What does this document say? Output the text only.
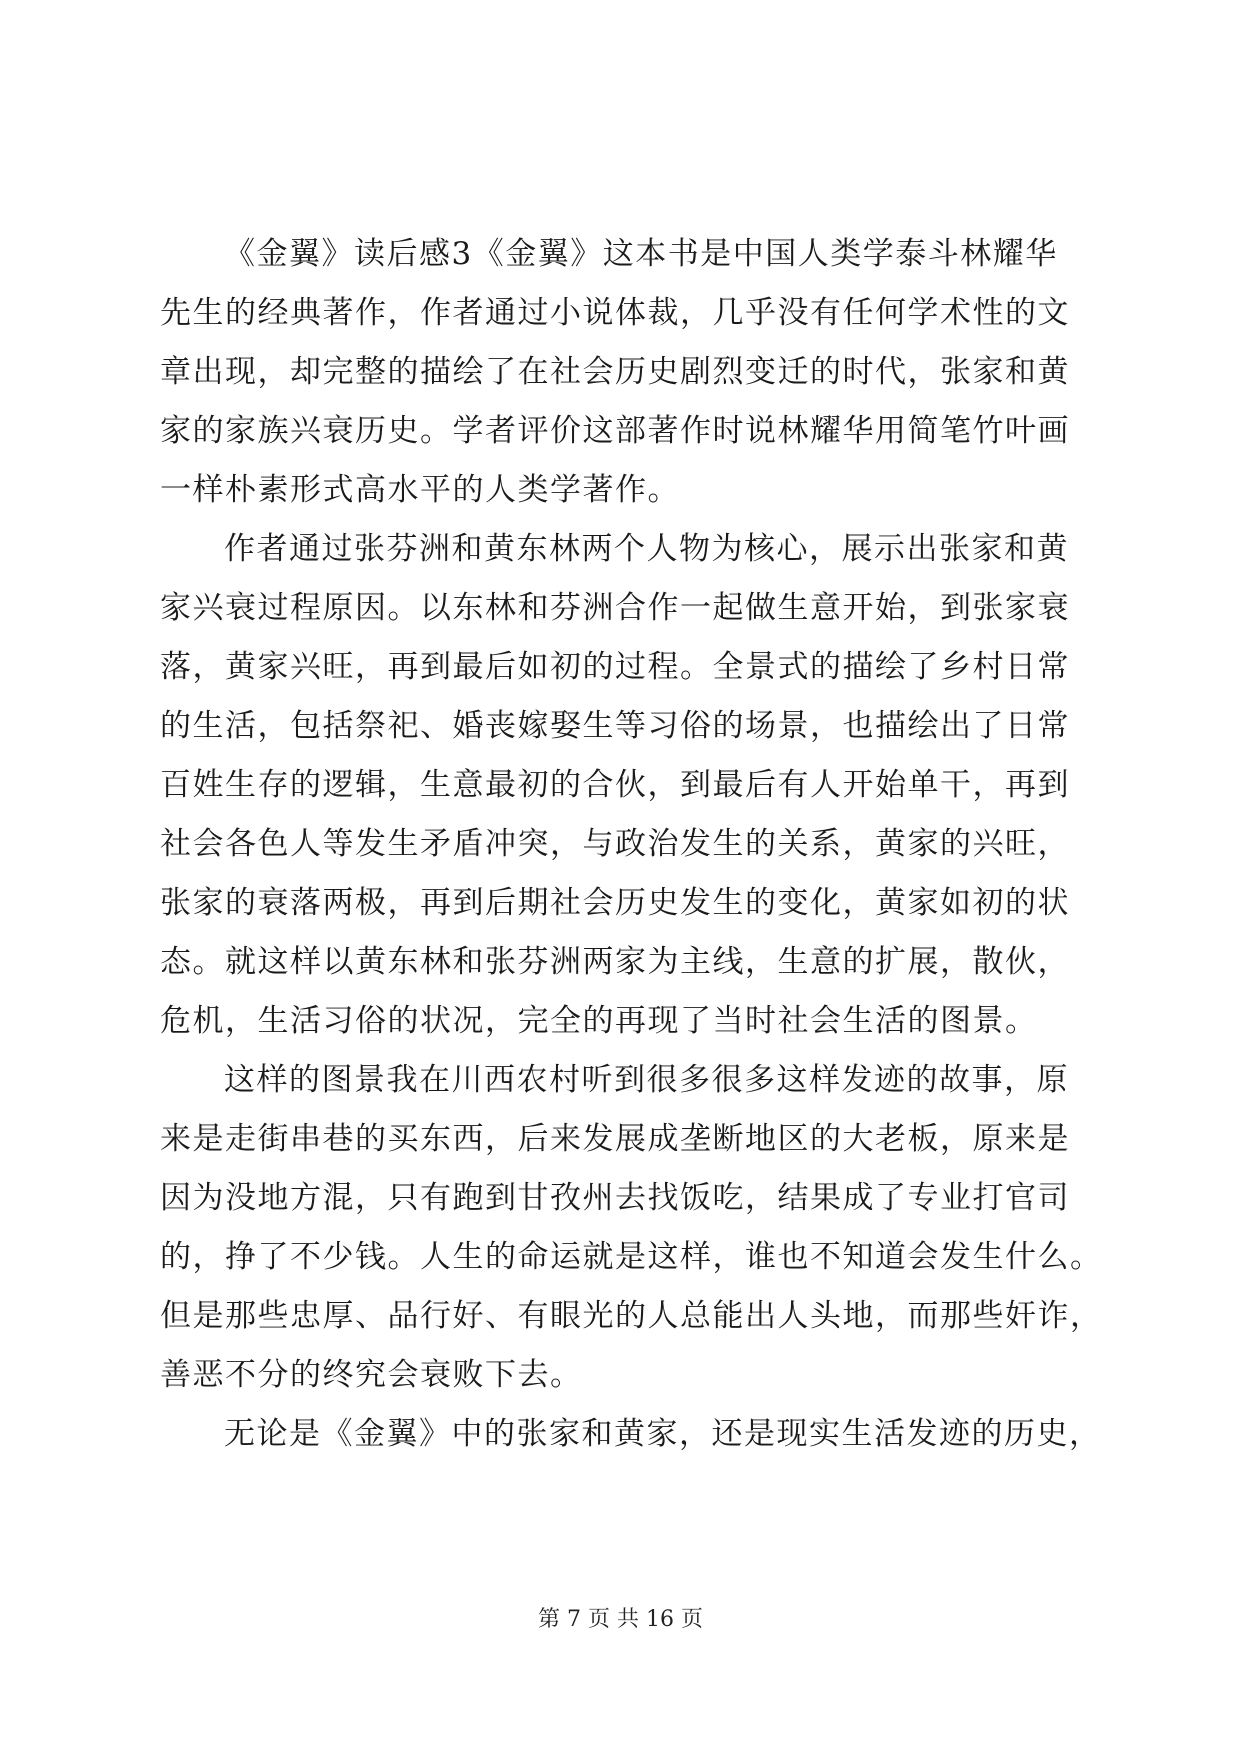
《金翼》读后感3《金翼》这本书是中国人类学泰斗林耀华
先生的经典著作，作者通过小说体裁，几乎没有任何学术性的文
章出现，却完整的描绘了在社会历史剧烈变迁的时代，张家和黄
家的家族兴衰历史。学者评价这部著作时说林耀华用简笔竹叶画
一样朴素形式高水平的人类学著作。
作者通过张芬洲和黄东林两个人物为核心，展示出张家和黄
家兴衰过程原因。以东林和芬洲合作一起做生意开始，到张家衰
落，黄家兴旺，再到最后如初的过程。全景式的描绘了乡村日常
的生活，包括祭祀、婚丧嫁娶生等习俗的场景，也描绘出了日常
百姓生存的逻辑，生意最初的合伙，到最后有人开始单干，再到
社会各色人等发生矛盾冲突，与政治发生的关系，黄家的兴旺，
张家的衰落两极，再到后期社会历史发生的变化，黄家如初的状
态。就这样以黄东林和张芬洲两家为主线，生意的扩展，散伙，
危机，生活习俗的状况，完全的再现了当时社会生活的图景。
这样的图景我在川西农村听到很多很多这样发迹的故事，原
来是走街串巷的买东西，后来发展成垄断地区的大老板，原来是
因为没地方混，只有跑到甘孜州去找饭吃，结果成了专业打官司
的，挣了不少钱。人生的命运就是这样，谁也不知道会发生什么。
但是那些忠厚、品行好、有眼光的人总能出人头地，而那些奸诈，
善恶不分的终究会衰败下去。
无论是《金翼》中的张家和黄家，还是现实生活发迹的历史，
第 7 页 共 16 页
